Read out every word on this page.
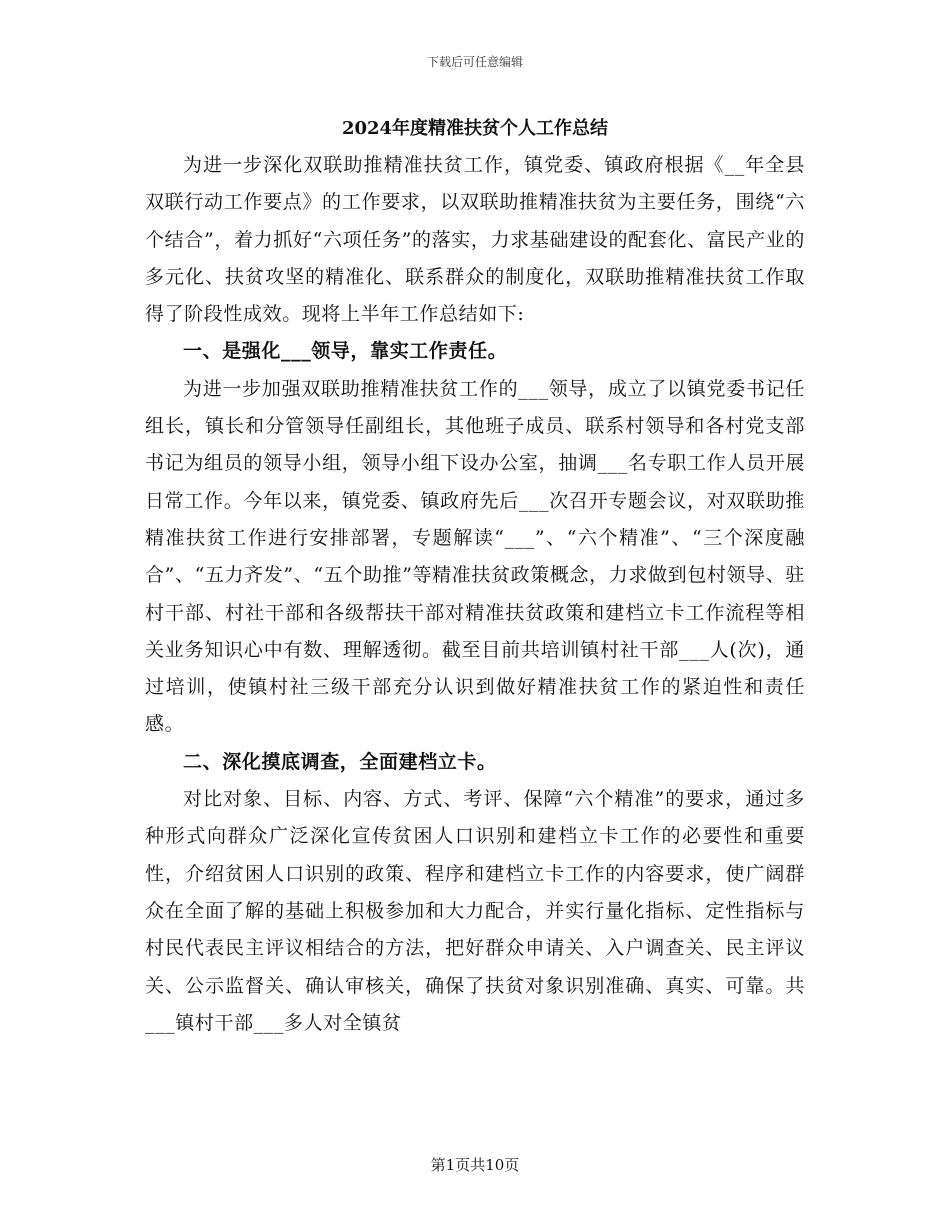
下载后可任意编辑
2024年度精准扶贫个人工作总结

为进一步深化双联助推精准扶贫工作，镇党委、镇政府根据《__年全县双联行动工作要点》的工作要求，以双联助推精准扶贫为主要任务，围绕“六个结合”，着力抓好“六项任务”的落实，力求基础建设的配套化、富民产业的多元化、扶贫攻坚的精准化、联系群众的制度化，双联助推精准扶贫工作取得了阶段性成效。现将上半年工作总结如下:

一、是强化___领导，靠实工作责任。

为进一步加强双联助推精准扶贫工作的___领导，成立了以镇党委书记任组长，镇长和分管领导任副组长，其他班子成员、联系村领导和各村党支部书记为组员的领导小组，领导小组下设办公室，抽调___名专职工作人员开展日常工作。今年以来，镇党委、镇政府先后___次召开专题会议，对双联助推精准扶贫工作进行安排部署，专题解读“___”、“六个精准”、“三个深度融合”、“五力齐发”、“五个助推”等精准扶贫政策概念，力求做到包村领导、驻村干部、村社干部和各级帮扶干部对精准扶贫政策和建档立卡工作流程等相关业务知识心中有数、理解透彻。截至目前共培训镇村社干部___人(次)，通过培训，使镇村社三级干部充分认识到做好精准扶贫工作的紧迫性和责任感。

二、深化摸底调查，全面建档立卡。

对比对象、目标、内容、方式、考评、保障“六个精准”的要求，通过多种形式向群众广泛深化宣传贫困人口识别和建档立卡工作的必要性和重要性，介绍贫困人口识别的政策、程序和建档立卡工作的内容要求，使广阔群众在全面了解的基础上积极参加和大力配合，并实行量化指标、定性指标与村民代表民主评议相结合的方法，把好群众申请关、入户调查关、民主评议关、公示监督关、确认审核关，确保了扶贫对象识别准确、真实、可靠。共___镇村干部___多人对全镇贫

第1页共10页
